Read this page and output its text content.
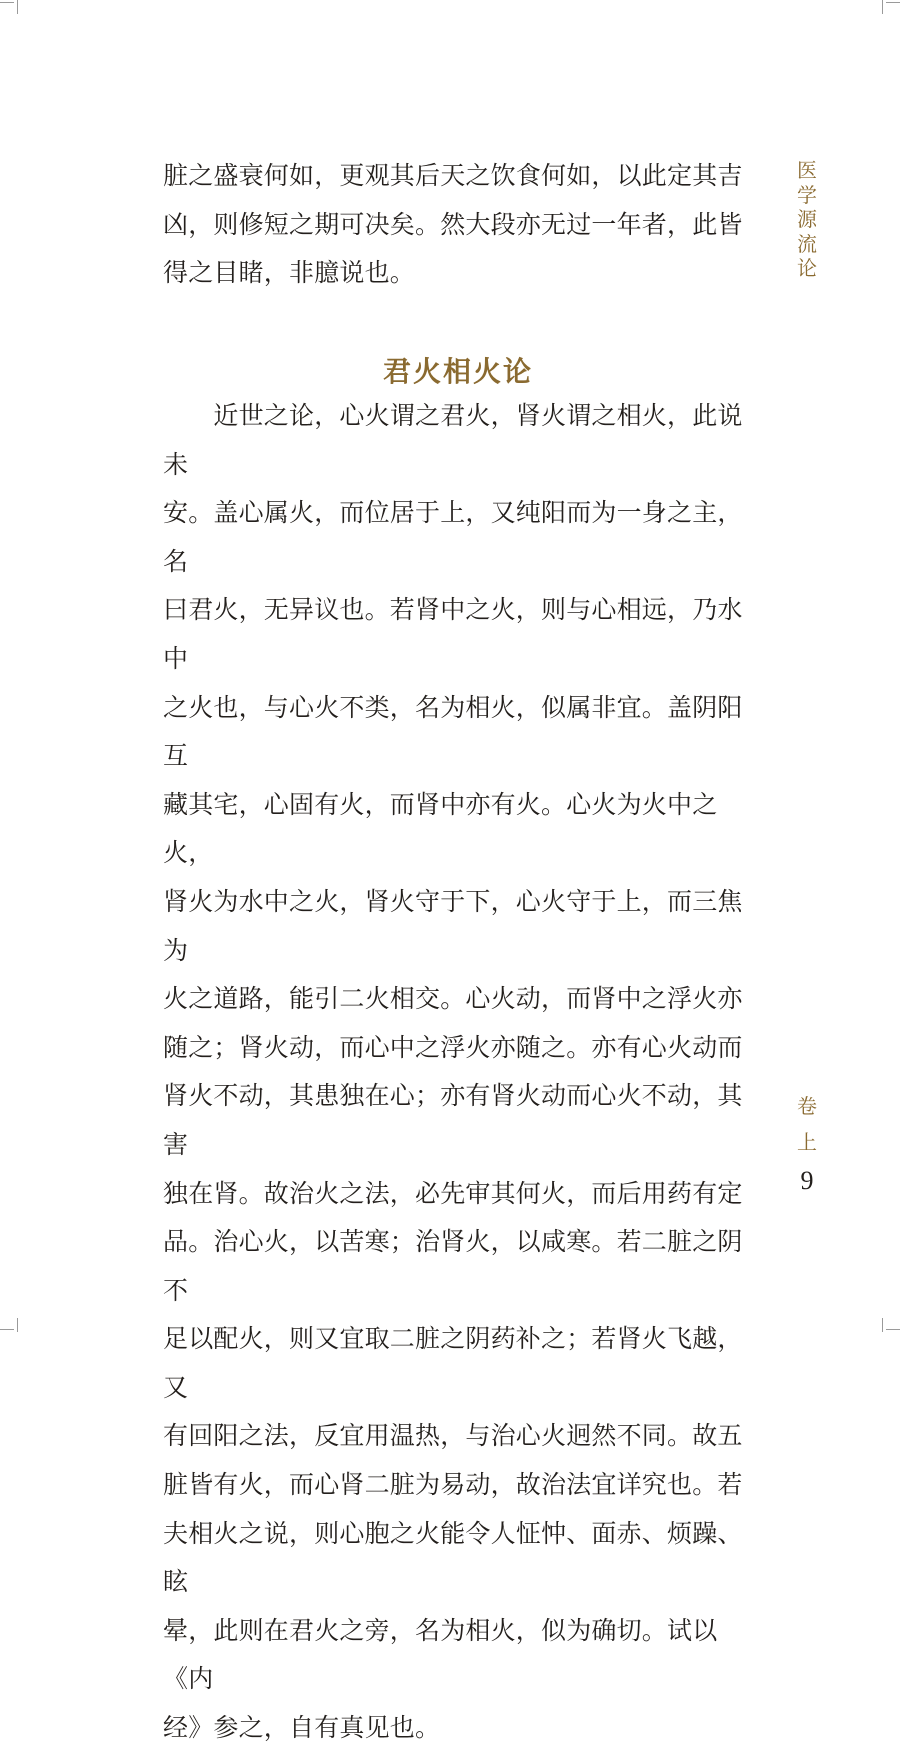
脏之盛衰何如，更观其后天之饮食何如，以此定其吉
凶，则修短之期可决矣。然大段亦无过一年者，此皆
得之目睹，非臆说也。

君火相火论

　　近世之论，心火谓之君火，肾火谓之相火，此说未
安。盖心属火，而位居于上，又纯阳而为一身之主，名
曰君火，无异议也。若肾中之火，则与心相远，乃水中
之火也，与心火不类，名为相火，似属非宜。盖阴阳互
藏其宅，心固有火，而肾中亦有火。心火为火中之火，
肾火为水中之火，肾火守于下，心火守于上，而三焦为
火之道路，能引二火相交。心火动，而肾中之浮火亦
随之；肾火动，而心中之浮火亦随之。亦有心火动而
肾火不动，其患独在心；亦有肾火动而心火不动，其害
独在肾。故治火之法，必先审其何火，而后用药有定
品。治心火，以苦寒；治肾火，以咸寒。若二脏之阴不
足以配火，则又宜取二脏之阴药补之；若肾火飞越，又
有回阳之法，反宜用温热，与治心火迥然不同。故五
脏皆有火，而心肾二脏为易动，故治法宜详究也。若
夫相火之说，则心胞之火能令人怔忡、面赤、烦躁、眩
晕，此则在君火之旁，名为相火，似为确切。试以《内
经》参之，自有真见也。

医
学
源
流
论
卷
上
9
